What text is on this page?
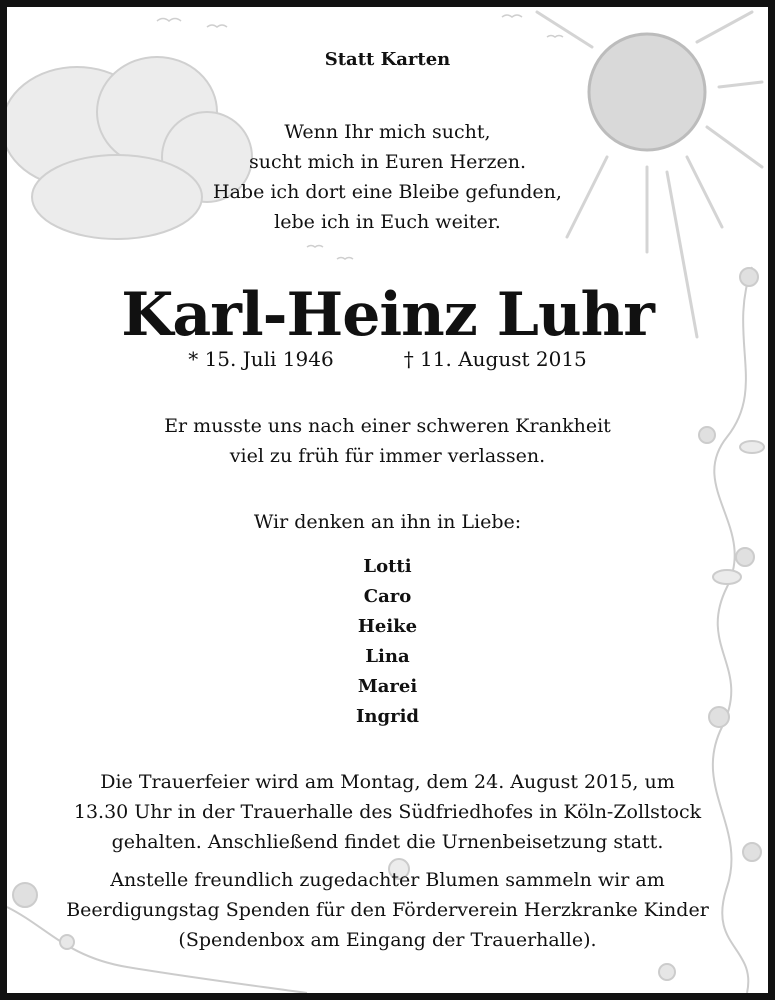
Statt Karten
Wenn Ihr mich sucht,
sucht mich in Euren Herzen.
Habe ich dort eine Bleibe gefunden,
lebe ich in Euch weiter.
Karl-Heinz Luhr
* 15. Juli 1946	† 11. August 2015
Er musste uns nach einer schweren Krankheit
viel zu früh für immer verlassen.
Wir denken an ihn in Liebe:
Lotti
Caro
Heike
Lina
Marei
Ingrid
Die Trauerfeier wird am Montag, dem 24. August 2015, um
13.30 Uhr in der Trauerhalle des Südfriedhofes in Köln-Zollstock
gehalten. Anschließend findet die Urnenbeisetzung statt.
Anstelle freundlich zugedachter Blumen sammeln wir am
Beerdigungstag Spenden für den Förderverein Herzkranke Kinder
(Spendenbox am Eingang der Trauerhalle).
